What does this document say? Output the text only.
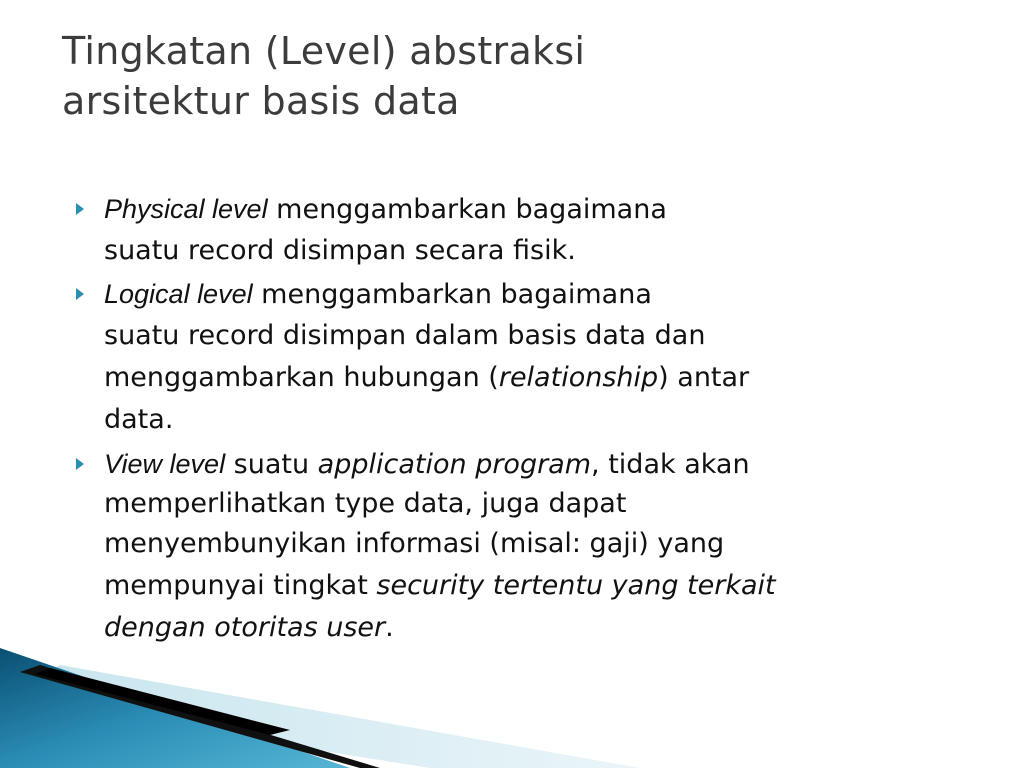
Tingkatan (Level) abstraksi
arsitektur basis data
Physical level menggambarkan bagaimana
suatu record disimpan secara fisik.
Logical level menggambarkan bagaimana
suatu record disimpan dalam basis data dan
menggambarkan hubungan (relationship) antar
data.
View level suatu application program, tidak akan
memperlihatkan type data, juga dapat
menyembunyikan informasi (misal: gaji) yang
mempunyai tingkat security tertentu yang terkait
dengan otoritas user.
